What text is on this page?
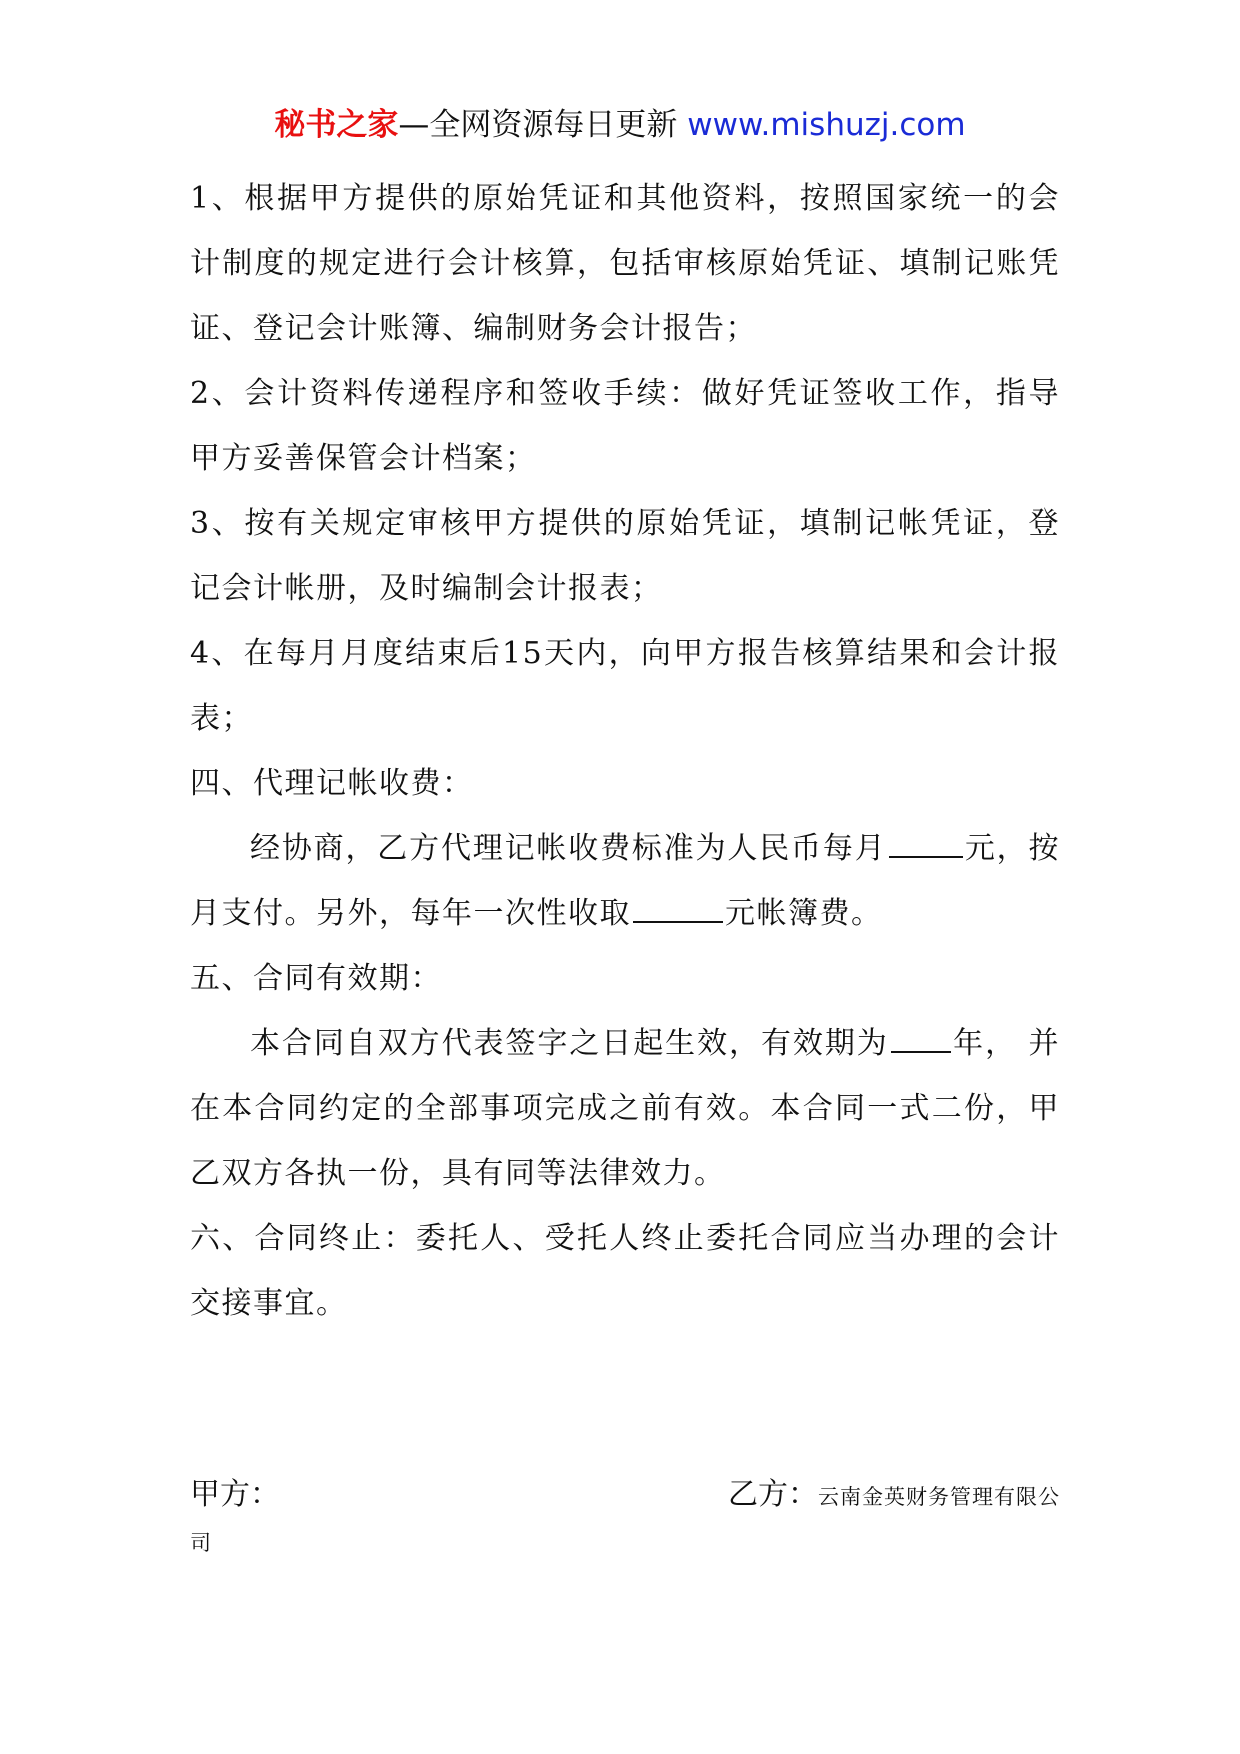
秘书之家—全网资源每日更新 www.mishuzj.com

1、根据甲方提供的原始凭证和其他资料，按照国家统一的会计制度的规定进行会计核算，包括审核原始凭证、填制记账凭证、登记会计账簿、编制财务会计报告；

2、会计资料传递程序和签收手续：做好凭证签收工作，指导甲方妥善保管会计档案；

3、按有关规定审核甲方提供的原始凭证，填制记帐凭证，登记会计帐册，及时编制会计报表；

4、在每月月度结束后15天内，向甲方报告核算结果和会计报表；

四、代理记帐收费：

经协商，乙方代理记帐收费标准为人民币每月	元，按月支付。另外，每年一次性收取	元帐簿费。

五、合同有效期：

本合同自双方代表签字之日起生效，有效期为 年， 并在本合同约定的全部事项完成之前有效。本合同一式二份，甲乙双方各执一份，具有同等法律效力。

六、合同终止：委托人、受托人终止委托合同应当办理的会计交接事宜。

甲方：	乙方：云南金英财务管理有限公
司
